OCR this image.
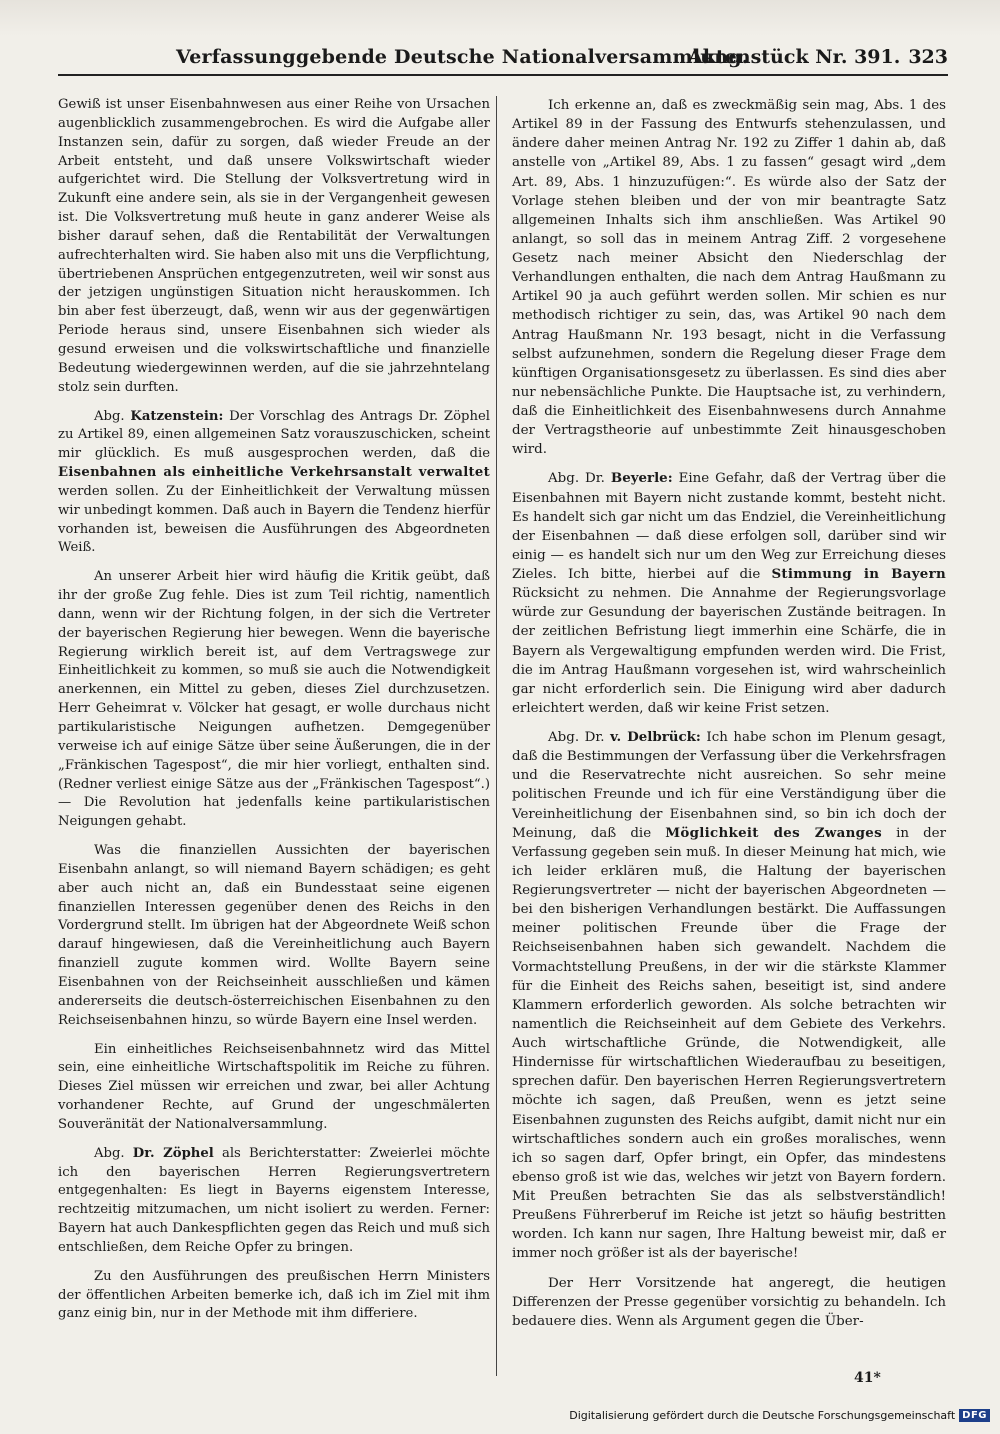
Verfassunggebende Deutsche Nationalversammlung.
Aktenstück Nr. 391. 323

Gewiß ist unser Eisenbahnwesen aus einer Reihe von Ursachen augenblicklich zusammengebrochen. Es wird die Aufgabe aller Instanzen sein, dafür zu sorgen, daß wieder Freude an der Arbeit entsteht, und daß unsere Volkswirtschaft wieder aufgerichtet wird. Die Stellung der Volksvertretung wird in Zukunft eine andere sein, als sie in der Vergangenheit gewesen ist. Die Volksvertretung muß heute in ganz anderer Weise als bisher darauf sehen, daß die Rentabilität der Verwaltungen aufrechterhalten wird. Sie haben also mit uns die Verpflichtung, übertriebenen Ansprüchen entgegenzutreten, weil wir sonst aus der jetzigen ungünstigen Situation nicht herauskommen. Ich bin aber fest überzeugt, daß, wenn wir aus der gegenwärtigen Periode heraus sind, unsere Eisenbahnen sich wieder als gesund erweisen und die volkswirtschaftliche und finanzielle Bedeutung wiedergewinnen werden, auf die sie jahrzehntelang stolz sein durften.

Abg. Katzenstein: Der Vorschlag des Antrags Dr. Zöphel zu Artikel 89, einen allgemeinen Satz vorauszuschicken, scheint mir glücklich. Es muß ausgesprochen werden, daß die Eisenbahnen als einheitliche Verkehrsanstalt verwaltet werden sollen. Zu der Einheitlichkeit der Verwaltung müssen wir unbedingt kommen. Daß auch in Bayern die Tendenz hierfür vorhanden ist, beweisen die Ausführungen des Abgeordneten Weiß.

An unserer Arbeit hier wird häufig die Kritik geübt, daß ihr der große Zug fehle. Dies ist zum Teil richtig, namentlich dann, wenn wir der Richtung folgen, in der sich die Vertreter der bayerischen Regierung hier bewegen. Wenn die bayerische Regierung wirklich bereit ist, auf dem Vertragswege zur Einheitlichkeit zu kommen, so muß sie auch die Notwendigkeit anerkennen, ein Mittel zu geben, dieses Ziel durchzusetzen. Herr Geheimrat v. Völcker hat gesagt, er wolle durchaus nicht partikularistische Neigungen aufhetzen. Demgegenüber verweise ich auf einige Sätze über seine Äußerungen, die in der „Fränkischen Tagespost“, die mir hier vorliegt, enthalten sind. (Redner verliest einige Sätze aus der „Fränkischen Tagespost“.) — Die Revolution hat jedenfalls keine partikularistischen Neigungen gehabt.

Was die finanziellen Aussichten der bayerischen Eisenbahn anlangt, so will niemand Bayern schädigen; es geht aber auch nicht an, daß ein Bundesstaat seine eigenen finanziellen Interessen gegenüber denen des Reichs in den Vordergrund stellt. Im übrigen hat der Abgeordnete Weiß schon darauf hingewiesen, daß die Vereinheitlichung auch Bayern finanziell zugute kommen wird. Wollte Bayern seine Eisenbahnen von der Reichseinheit ausschließen und kämen andererseits die deutsch-österreichischen Eisenbahnen zu den Reichseisenbahnen hinzu, so würde Bayern eine Insel werden.

Ein einheitliches Reichseisenbahnnetz wird das Mittel sein, eine einheitliche Wirtschaftspolitik im Reiche zu führen. Dieses Ziel müssen wir erreichen und zwar, bei aller Achtung vorhandener Rechte, auf Grund der ungeschmälerten Souveränität der Nationalversammlung.

Abg. Dr. Zöphel als Berichterstatter: Zweierlei möchte ich den bayerischen Herren Regierungsvertretern entgegenhalten: Es liegt in Bayerns eigenstem Interesse, rechtzeitig mitzumachen, um nicht isoliert zu werden. Ferner: Bayern hat auch Dankespflichten gegen das Reich und muß sich entschließen, dem Reiche Opfer zu bringen.

Zu den Ausführungen des preußischen Herrn Ministers der öffentlichen Arbeiten bemerke ich, daß ich im Ziel mit ihm ganz einig bin, nur in der Methode mit ihm differiere.

Ich erkenne an, daß es zweckmäßig sein mag, Abs. 1 des Artikel 89 in der Fassung des Entwurfs stehenzulassen, und ändere daher meinen Antrag Nr. 192 zu Ziffer 1 dahin ab, daß anstelle von „Artikel 89, Abs. 1 zu fassen“ gesagt wird „dem Art. 89, Abs. 1 hinzuzufügen:“. Es würde also der Satz der Vorlage stehen bleiben und der von mir beantragte Satz allgemeinen Inhalts sich ihm anschließen. Was Artikel 90 anlangt, so soll das in meinem Antrag Ziff. 2 vorgesehene Gesetz nach meiner Absicht den Niederschlag der Verhandlungen enthalten, die nach dem Antrag Haußmann zu Artikel 90 ja auch geführt werden sollen. Mir schien es nur methodisch richtiger zu sein, das, was Artikel 90 nach dem Antrag Haußmann Nr. 193 besagt, nicht in die Verfassung selbst aufzunehmen, sondern die Regelung dieser Frage dem künftigen Organisationsgesetz zu überlassen. Es sind dies aber nur nebensächliche Punkte. Die Hauptsache ist, zu verhindern, daß die Einheitlichkeit des Eisenbahnwesens durch Annahme der Vertragstheorie auf unbestimmte Zeit hinausgeschoben wird.

Abg. Dr. Beyerle: Eine Gefahr, daß der Vertrag über die Eisenbahnen mit Bayern nicht zustande kommt, besteht nicht. Es handelt sich gar nicht um das Endziel, die Vereinheitlichung der Eisenbahnen — daß diese erfolgen soll, darüber sind wir einig — es handelt sich nur um den Weg zur Erreichung dieses Zieles. Ich bitte, hierbei auf die Stimmung in Bayern Rücksicht zu nehmen. Die Annahme der Regierungsvorlage würde zur Gesundung der bayerischen Zustände beitragen. In der zeitlichen Befristung liegt immerhin eine Schärfe, die in Bayern als Vergewaltigung empfunden werden wird. Die Frist, die im Antrag Haußmann vorgesehen ist, wird wahrscheinlich gar nicht erforderlich sein. Die Einigung wird aber dadurch erleichtert werden, daß wir keine Frist setzen.

Abg. Dr. v. Delbrück: Ich habe schon im Plenum gesagt, daß die Bestimmungen der Verfassung über die Verkehrsfragen und die Reservatrechte nicht ausreichen. So sehr meine politischen Freunde und ich für eine Verständigung über die Vereinheitlichung der Eisenbahnen sind, so bin ich doch der Meinung, daß die Möglichkeit des Zwanges in der Verfassung gegeben sein muß. In dieser Meinung hat mich, wie ich leider erklären muß, die Haltung der bayerischen Regierungsvertreter — nicht der bayerischen Abgeordneten — bei den bisherigen Verhandlungen bestärkt. Die Auffassungen meiner politischen Freunde über die Frage der Reichseisenbahnen haben sich gewandelt. Nachdem die Vormachtstellung Preußens, in der wir die stärkste Klammer für die Einheit des Reichs sahen, beseitigt ist, sind andere Klammern erforderlich geworden. Als solche betrachten wir namentlich die Reichseinheit auf dem Gebiete des Verkehrs. Auch wirtschaftliche Gründe, die Notwendigkeit, alle Hindernisse für wirtschaftlichen Wiederaufbau zu beseitigen, sprechen dafür. Den bayerischen Herren Regierungsvertretern möchte ich sagen, daß Preußen, wenn es jetzt seine Eisenbahnen zugunsten des Reichs aufgibt, damit nicht nur ein wirtschaftliches sondern auch ein großes moralisches, wenn ich so sagen darf, Opfer bringt, ein Opfer, das mindestens ebenso groß ist wie das, welches wir jetzt von Bayern fordern. Mit Preußen betrachten Sie das als selbstverständlich! Preußens Führerberuf im Reiche ist jetzt so häufig bestritten worden. Ich kann nur sagen, Ihre Haltung beweist mir, daß er immer noch größer ist als der bayerische!

Der Herr Vorsitzende hat angeregt, die heutigen Differenzen der Presse gegenüber vorsichtig zu behandeln. Ich bedauere dies. Wenn als Argument gegen die Über-

41*
Digitalisierung gefördert durch die Deutsche Forschungsgemeinschaft DFG
